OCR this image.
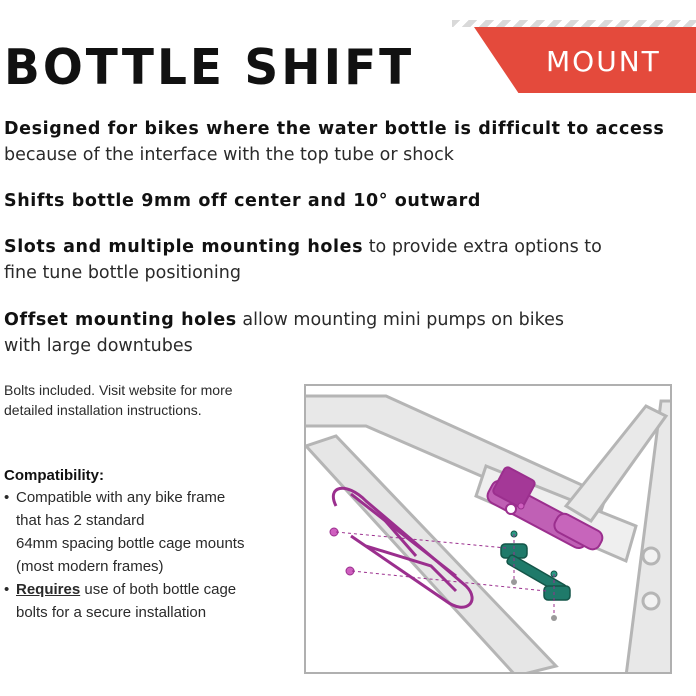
MOUNT
BOTTLE SHIFT

Designed for bikes where the water bottle is difficult to access because of the interface with the top tube or shock

Shifts bottle 9mm off center and 10° outward

Slots and multiple mounting holes to provide extra options to fine tune bottle positioning

Offset mounting holes allow mounting mini pumps on bikes with large downtubes

Bolts included. Visit website for more detailed installation instructions.

Compatibility:
• Compatible with any bike frame
that has 2 standard
64mm spacing bottle cage mounts
(most modern frames)
• Requires use of both bottle cage
bolts for a secure installation
